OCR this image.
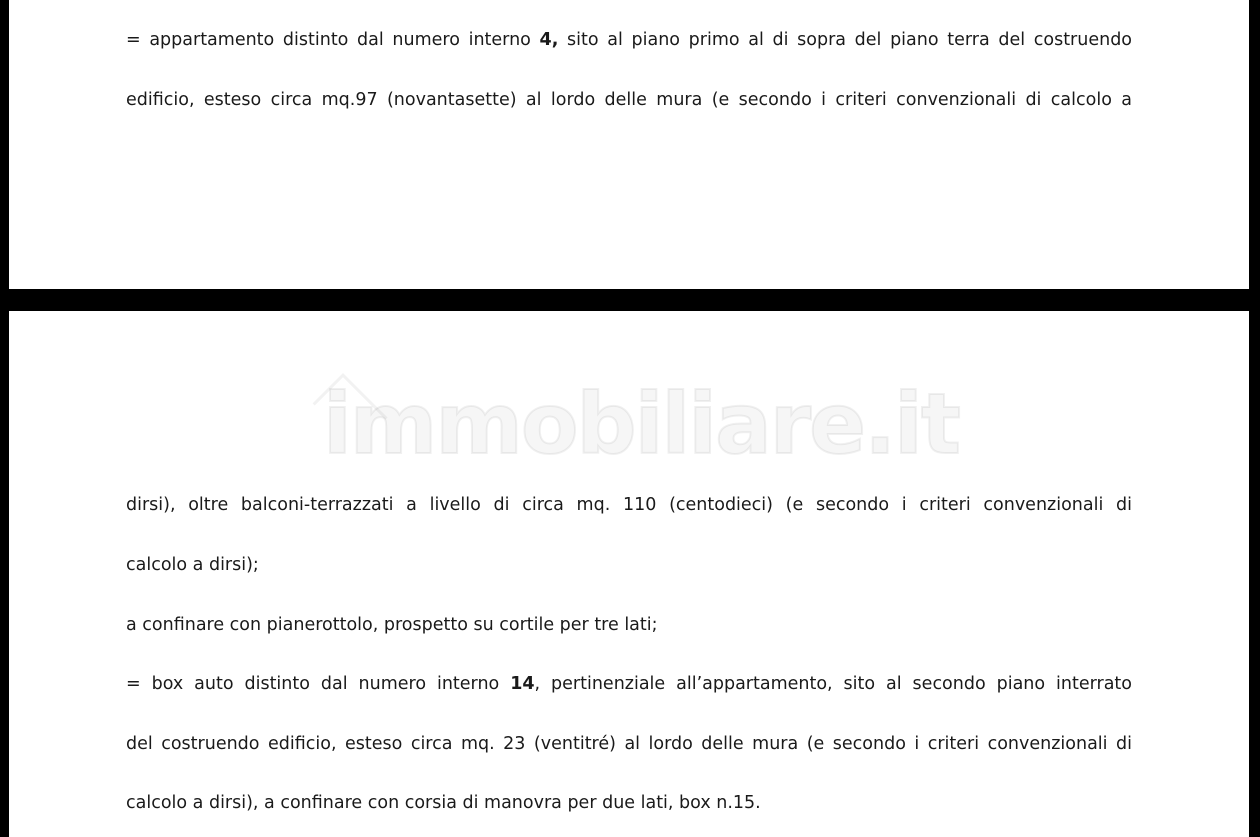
= appartamento distinto dal numero interno 4, sito al piano primo al di sopra del piano terra del costruendo

edificio, esteso circa mq.97 (novantasette) al lordo delle mura (e secondo i criteri convenzionali di calcolo a

immobiliare.it

dirsi), oltre balconi-terrazzati a livello di circa mq. 110 (centodieci) (e secondo i criteri convenzionali di

calcolo a dirsi);

a confinare con pianerottolo, prospetto su cortile per tre lati;

= box auto distinto dal numero interno 14, pertinenziale all’appartamento, sito al secondo piano interrato

del costruendo edificio, esteso circa mq. 23 (ventitré) al lordo delle mura (e secondo i criteri convenzionali di

calcolo a dirsi), a confinare con corsia di manovra per due lati, box n.15.
